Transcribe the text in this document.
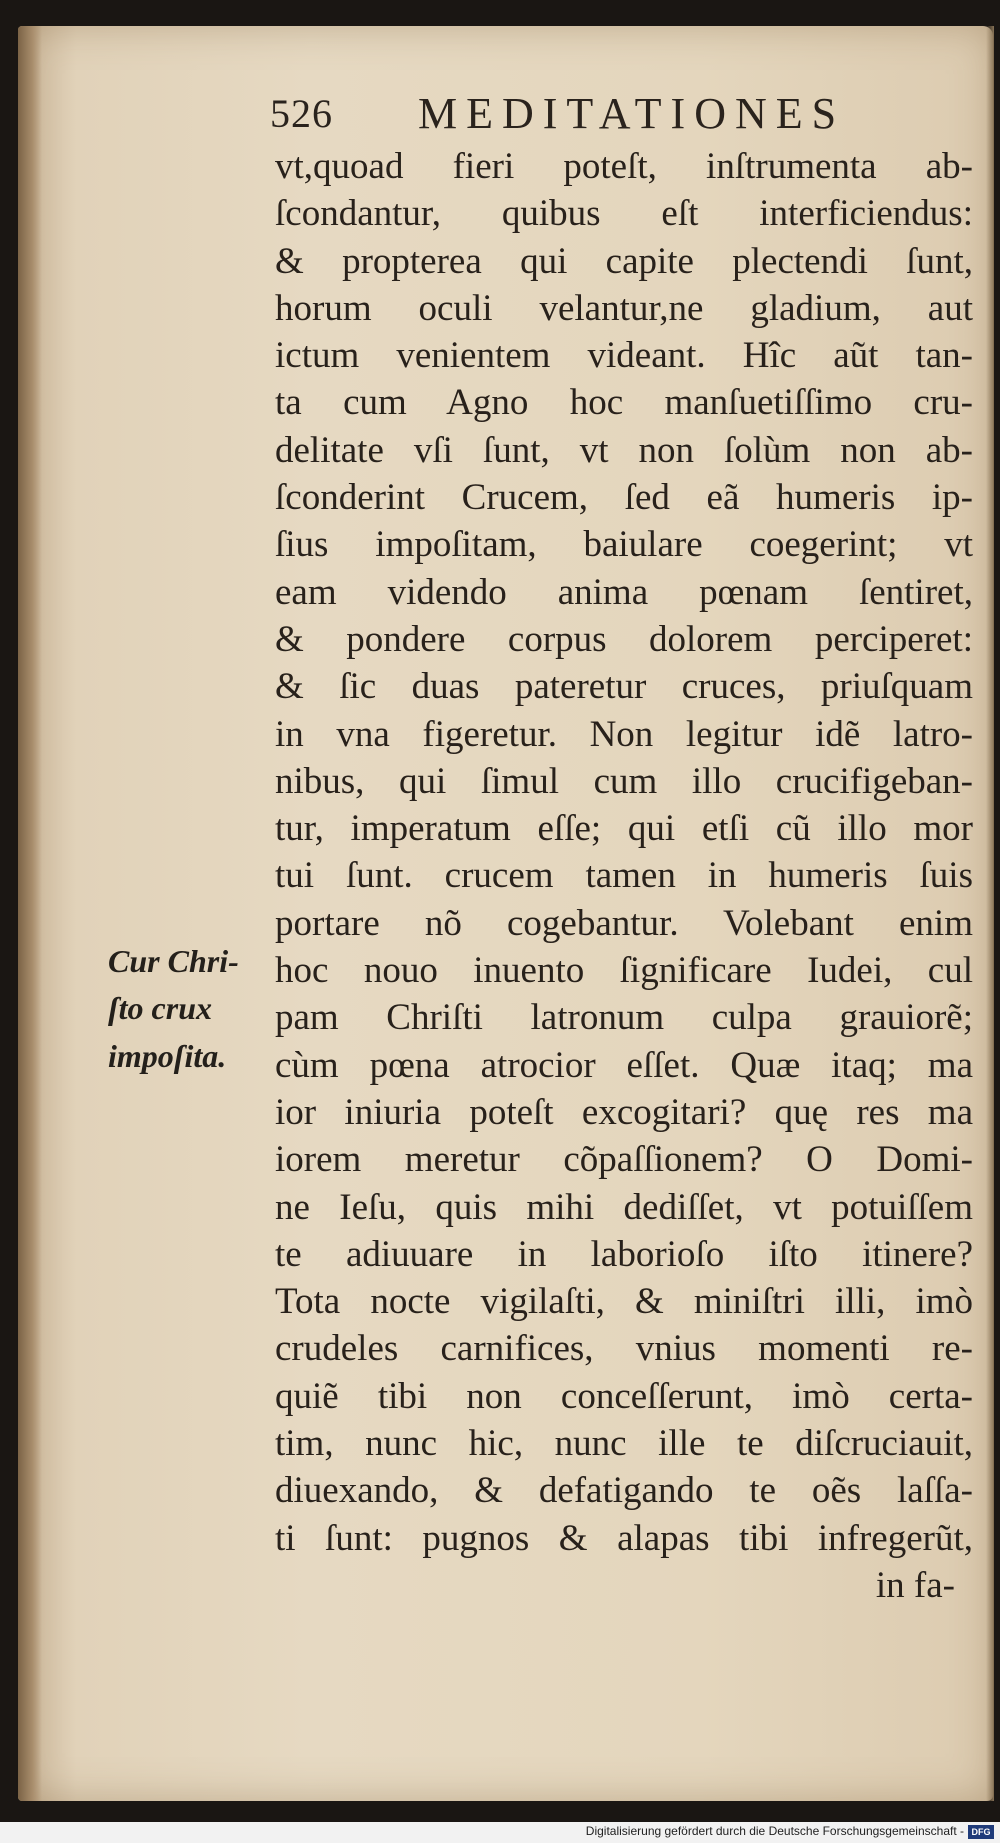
526 MEDITATIONES
Cur Chri-
ſto crux
impoſita.
vt,quoad fieri poteſt, inſtrumenta ab-
ſcondantur, quibus eſt interficiendus:
& propterea qui capite plectendi ſunt,
horum oculi velantur,ne gladium, aut
ictum venientem videant. Hîc aũt tan-
ta cum Agno hoc manſuetiſſimo cru-
delitate vſi ſunt, vt non ſolùm non ab-
ſconderint Crucem, ſed eã humeris ip-
ſius impoſitam, baiulare coegerint; vt
eam videndo anima pœnam ſentiret,
& pondere corpus dolorem perciperet:
& ſic duas pateretur cruces, priuſquam
in vna figeretur. Non legitur idẽ latro-
nibus, qui ſimul cum illo crucifigeban-
tur, imperatum eſſe; qui etſi cũ illo mor
tui ſunt. crucem tamen in humeris ſuis
portare nõ cogebantur. Volebant enim
hoc nouo inuento ſignificare Iudei, cul
pam Chriſti latronum culpa grauiorẽ;
cùm pœna atrocior eſſet. Quæ itaq; ma
ior iniuria poteſt excogitari? quę res ma
iorem meretur cõpaſſionem? O Domi-
ne Ieſu, quis mihi dediſſet, vt potuiſſem
te adiuuare in laborioſo iſto itinere?
Tota nocte vigilaſti, & miniſtri illi, imò
crudeles carnifices, vnius momenti re-
quiẽ tibi non conceſſerunt, imò certa-
tim, nunc hic, nunc ille te diſcruciauit,
diuexando, & defatigando te oẽs laſſa-
ti ſunt: pugnos & alapas tibi infregerũt,
in fa-
Digitalisierung gefördert durch die Deutsche Forschungsgemeinschaft - DFG
